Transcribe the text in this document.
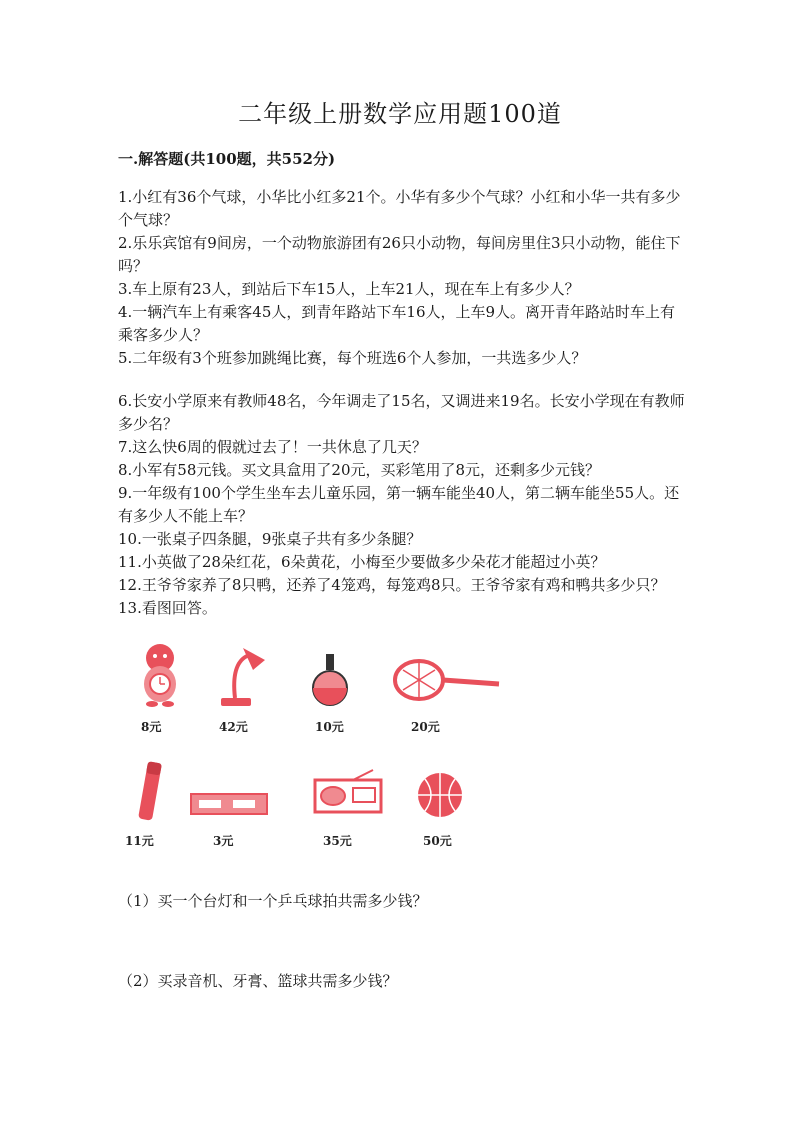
二年级上册数学应用题100道
一.解答题(共100题，共552分)

1.小红有36个气球，小华比小红多21个。小华有多少个气球？小红和小华一共有多少个气球？

2.乐乐宾馆有9间房，一个动物旅游团有26只小动物，每间房里住3只小动物，能住下吗？

3.车上原有23人，到站后下车15人，上车21人，现在车上有多少人？

4.一辆汽车上有乘客45人，到青年路站下车16人，上车9人。离开青年路站时车上有乘客多少人？

5.二年级有3个班参加跳绳比赛，每个班选6个人参加，一共选多少人？

6.长安小学原来有教师48名，今年调走了15名，又调进来19名。长安小学现在有教师多少名？

7.这么快6周的假就过去了！一共休息了几天？

8.小军有58元钱。买文具盒用了20元，买彩笔用了8元，还剩多少元钱？

9.一年级有100个学生坐车去儿童乐园，第一辆车能坐40人，第二辆车能坐55人。还有多少人不能上车？

10.一张桌子四条腿，9张桌子共有多少条腿？

11.小英做了28朵红花，6朵黄花，小梅至少要做多少朵花才能超过小英？

12.王爷爷家养了8只鸭，还养了4笼鸡，每笼鸡8只。王爷爷家有鸡和鸭共多少只？

13.看图回答。

8元	42元	10元	20元
11元	3元	35元	50元
（1）买一个台灯和一个乒乓球拍共需多少钱？
（2）买录音机、牙膏、篮球共需多少钱？
